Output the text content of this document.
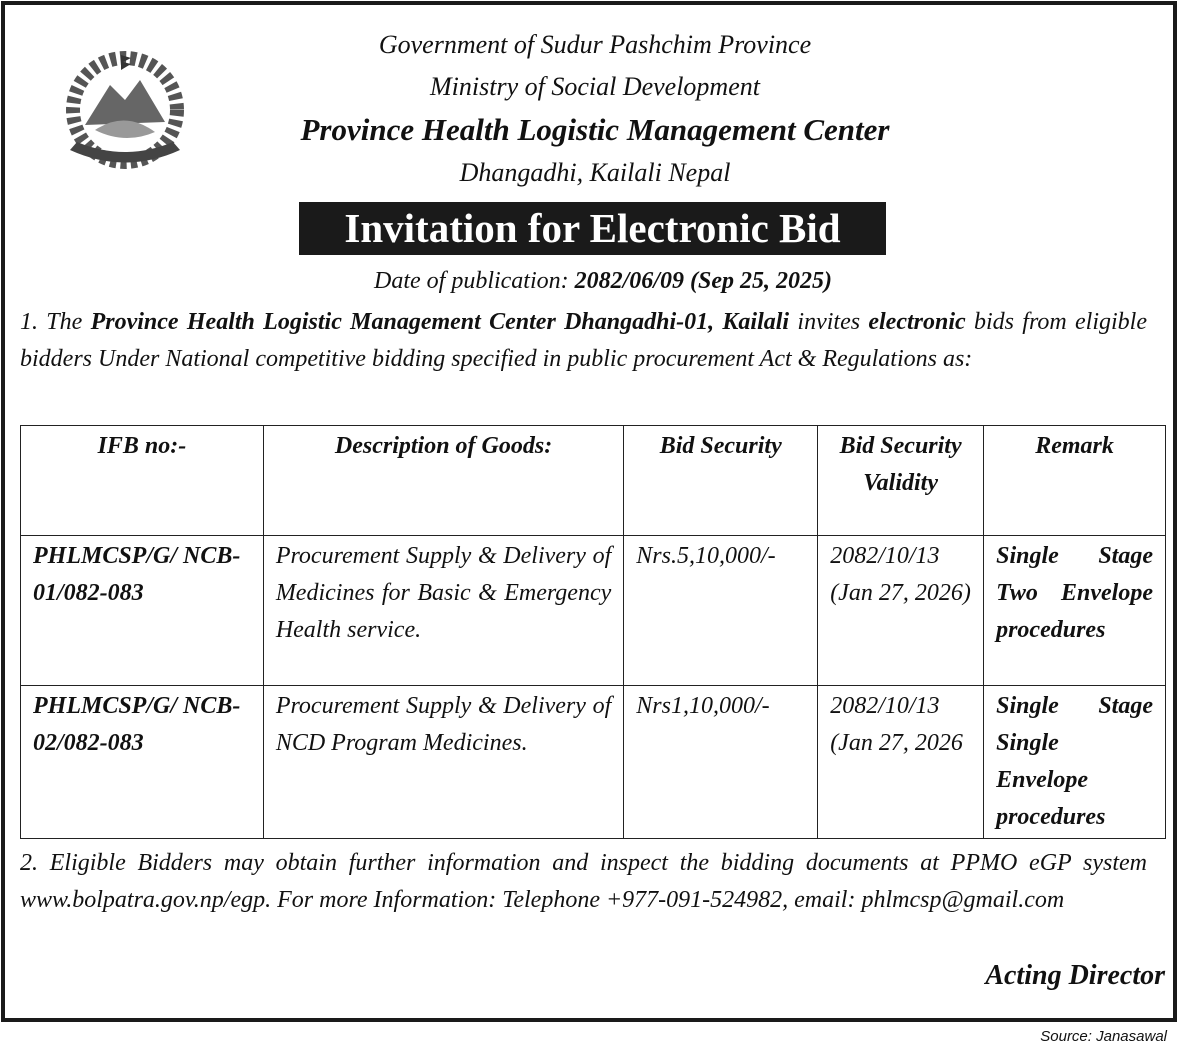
Government of Sudur Pashchim Province
Ministry of Social Development
Province Health Logistic Management Center
Dhangadhi, Kailali Nepal
Invitation for Electronic Bid
Date of publication: 2082/06/09 (Sep 25, 2025)
1. The Province Health Logistic Management Center Dhangadhi-01, Kailali invites electronic bids from eligible bidders Under National competitive bidding specified in public procurement Act & Regulations as:
IFB no:-	Description of Goods:	Bid Security	Bid Security Validity	Remark
PHLMCSP/G/ NCB-01/082-083	Procurement Supply & Delivery of Medicines for Basic & Emergency Health service.	Nrs.5,10,000/-	2082/10/13 (Jan 27, 2026)	Single Stage Two Envelope procedures
PHLMCSP/G/ NCB-02/082-083	Procurement Supply & Delivery of NCD Program Medicines.	Nrs1,10,000/-	2082/10/13 (Jan 27, 2026	Single Stage Single Envelope procedures
2. Eligible Bidders may obtain further information and inspect the bidding documents at PPMO eGP system www.bolpatra.gov.np/egp. For more Information: Telephone +977-091-524982, email: phlmcsp@gmail.com
Acting Director
Source: Janasawal
